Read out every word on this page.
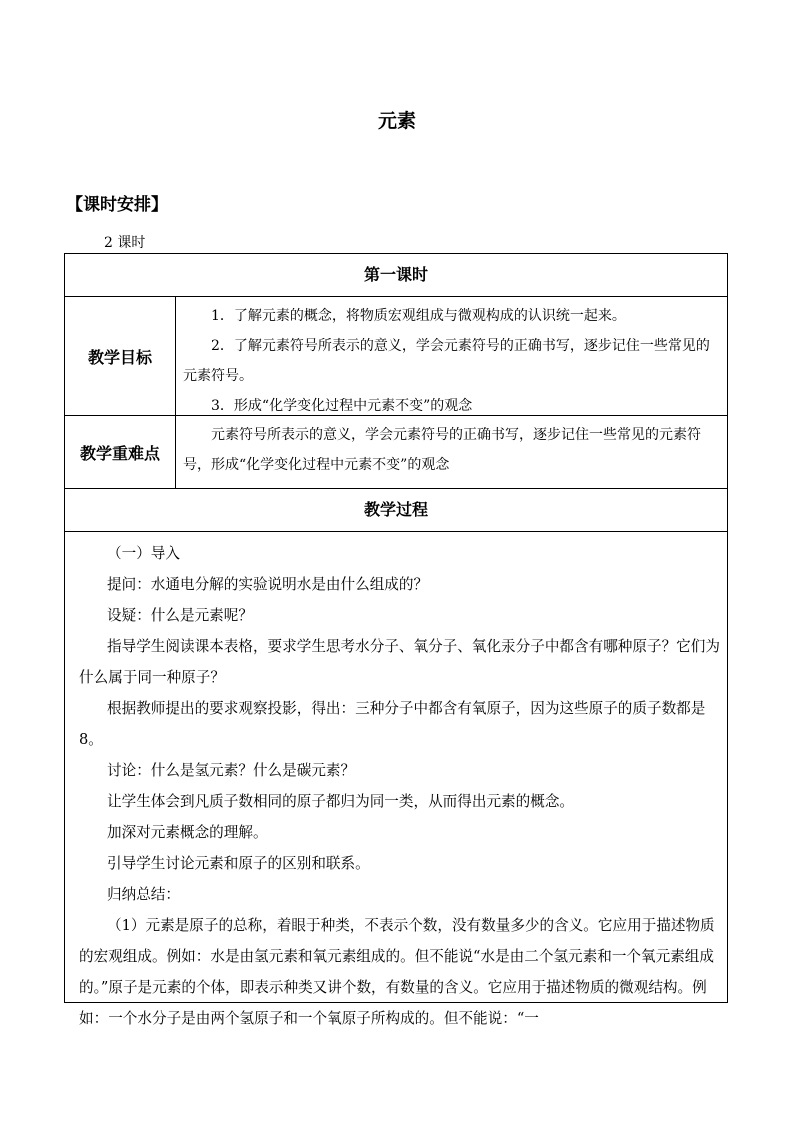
元素
【课时安排】
2 课时
第一课时
教学目标

1．了解元素的概念，将物质宏观组成与微观构成的认识统一起来。

2．了解元素符号所表示的意义，学会元素符号的正确书写，逐步记住一些常见的元素符号。

3．形成“化学变化过程中元素不变”的观念

教学重难点

元素符号所表示的意义，学会元素符号的正确书写，逐步记住一些常见的元素符号，形成“化学变化过程中元素不变”的观念

教学过程

（一）导入

提问：水通电分解的实验说明水是由什么组成的？

设疑：什么是元素呢？

指导学生阅读课本表格，要求学生思考水分子、氧分子、氧化汞分子中都含有哪种原子？它们为什么属于同一种原子？

根据教师提出的要求观察投影，得出：三种分子中都含有氧原子，因为这些原子的质子数都是 8。

讨论：什么是氢元素？什么是碳元素？

让学生体会到凡质子数相同的原子都归为同一类，从而得出元素的概念。

加深对元素概念的理解。

引导学生讨论元素和原子的区别和联系。

归纳总结：

（1）元素是原子的总称，着眼于种类，不表示个数，没有数量多少的含义。它应用于描述物质的宏观组成。例如：水是由氢元素和氧元素组成的。但不能说“水是由二个氢元素和一个氧元素组成的。”原子是元素的个体，即表示种类又讲个数，有数量的含义。它应用于描述物质的微观结构。例如：一个水分子是由两个氢原子和一个氧原子所构成的。但不能说：“一
